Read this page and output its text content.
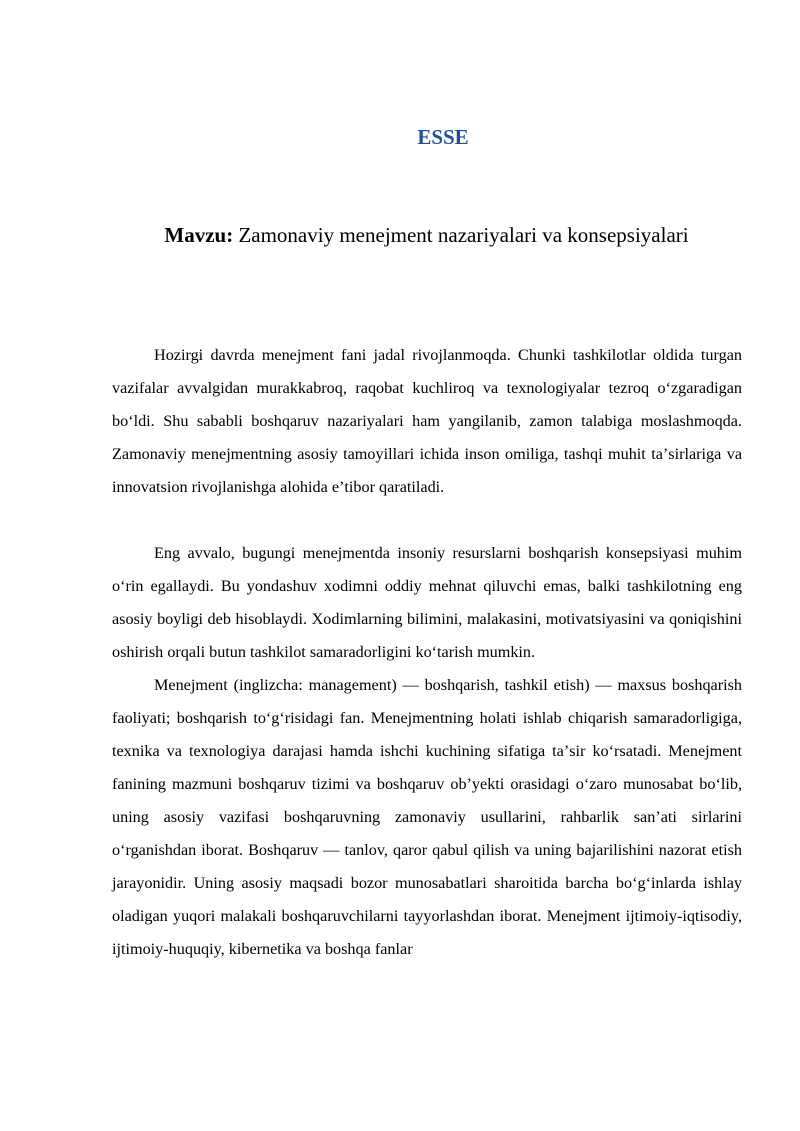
ESSE

Mavzu: Zamonaviy menejment nazariyalari va konsepsiyalari

Hozirgi davrda menejment fani jadal rivojlanmoqda. Chunki tashkilotlar oldida turgan vazifalar avvalgidan murakkabroq, raqobat kuchliroq va texnologiyalar tezroq oʻzgaradigan boʻldi. Shu sababli boshqaruv nazariyalari ham yangilanib, zamon talabiga moslashmoqda. Zamonaviy menejmentning asosiy tamoyillari ichida inson omiliga, tashqi muhit taʼsirlariga va innovatsion rivojlanishga alohida eʼtibor qaratiladi.

Eng avvalo, bugungi menejmentda insoniy resurslarni boshqarish konsepsiyasi muhim oʻrin egallaydi. Bu yondashuv xodimni oddiy mehnat qiluvchi emas, balki tashkilotning eng asosiy boyligi deb hisoblaydi. Xodimlarning bilimini, malakasini, motivatsiyasini va qoniqishini oshirish orqali butun tashkilot samaradorligini koʻtarish mumkin.

Menejment (inglizcha: management) — boshqarish, tashkil etish) — maxsus boshqarish faoliyati; boshqarish toʻgʻrisidagi fan. Menejmentning holati ishlab chiqarish samaradorligiga, texnika va texnologiya darajasi hamda ishchi kuchining sifatiga taʼsir koʻrsatadi. Menejment fanining mazmuni boshqaruv tizimi va boshqaruv obʼyekti orasidagi oʻzaro munosabat boʻlib, uning asosiy vazifasi boshqaruvning zamonaviy usullarini, rahbarlik sanʼati sirlarini oʻrganishdan iborat. Boshqaruv — tanlov, qaror qabul qilish va uning bajarilishini nazorat etish jarayonidir. Uning asosiy maqsadi bozor munosabatlari sharoitida barcha boʻgʻinlarda ishlay oladigan yuqori malakali boshqaruvchilarni tayyorlashdan iborat. Menejment ijtimoiy-iqtisodiy, ijtimoiy-huquqiy, kibernetika va boshqa fanlar
